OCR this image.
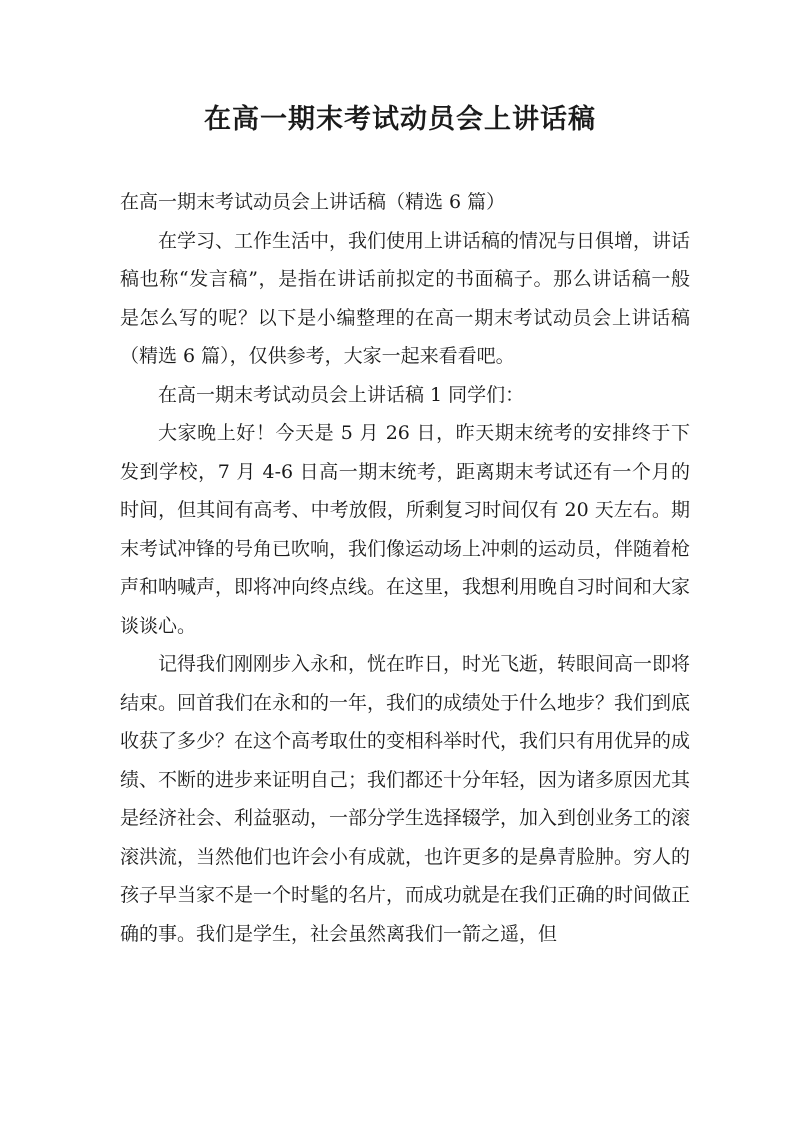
在高一期末考试动员会上讲话稿

在高一期末考试动员会上讲话稿（精选 6 篇）

在学习、工作生活中，我们使用上讲话稿的情况与日俱增，讲话稿也称“发言稿”，是指在讲话前拟定的书面稿子。那么讲话稿一般是怎么写的呢？以下是小编整理的在高一期末考试动员会上讲话稿（精选 6 篇），仅供参考，大家一起来看看吧。

在高一期末考试动员会上讲话稿 1 同学们：

大家晚上好！今天是 5 月 26 日，昨天期末统考的安排终于下发到学校，7 月 4-6 日高一期末统考，距离期末考试还有一个月的时间，但其间有高考、中考放假，所剩复习时间仅有 20 天左右。期末考试冲锋的号角已吹响，我们像运动场上冲刺的运动员，伴随着枪声和呐喊声，即将冲向终点线。在这里，我想利用晚自习时间和大家谈谈心。

记得我们刚刚步入永和，恍在昨日，时光飞逝，转眼间高一即将结束。回首我们在永和的一年，我们的成绩处于什么地步？我们到底收获了多少？在这个高考取仕的变相科举时代，我们只有用优异的成绩、不断的进步来证明自己；我们都还十分年轻，因为诸多原因尤其是经济社会、利益驱动，一部分学生选择辍学，加入到创业务工的滚滚洪流，当然他们也许会小有成就，也许更多的是鼻青脸肿。穷人的孩子早当家不是一个时髦的名片，而成功就是在我们正确的时间做正确的事。我们是学生，社会虽然离我们一箭之遥，但
